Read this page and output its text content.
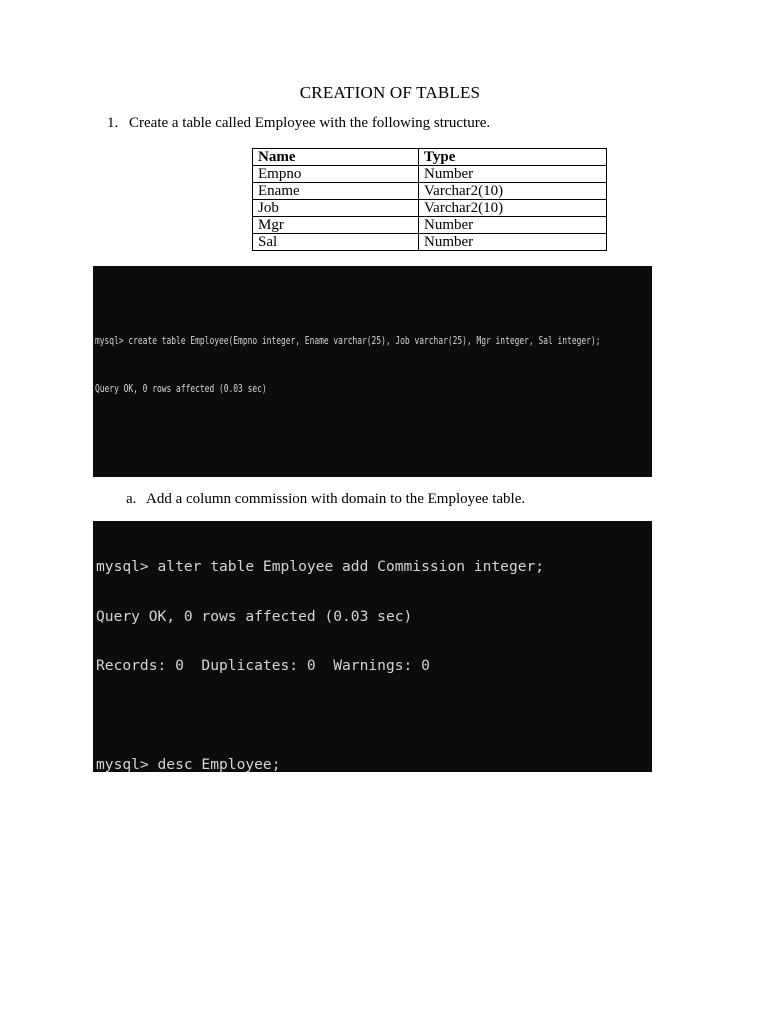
CREATION OF TABLES
1. Create a table called Employee with the following structure.
Name	Type
Empno	Number
Ename	Varchar2(10)
Job	Varchar2(10)
Mgr	Number
Sal	Number

mysql> create table Employee(Empno integer, Ename varchar(25), Job varchar(25), Mgr integer, Sal integer);

Query OK, 0 rows affected (0.03 sec)

a. Add a column commission with domain to the Employee table.

mysql> alter table Employee add Commission integer;

Query OK, 0 rows affected (0.03 sec)

Records: 0  Duplicates: 0  Warnings: 0

mysql> desc Employee;
